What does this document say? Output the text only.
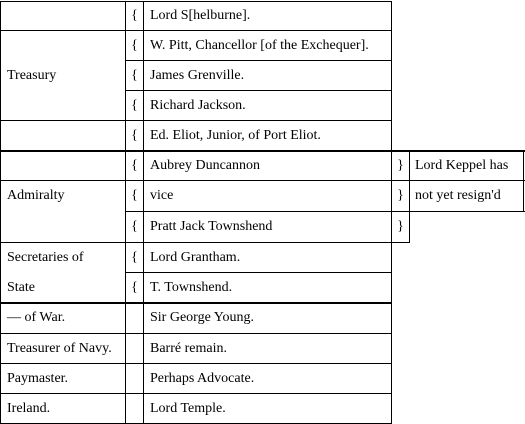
{ Lord S[helburne].
{ W. Pitt, Chancellor [of the Exchequer].
Treasury	{ James Grenville.
{ Richard Jackson.
{ Ed. Eliot, Junior, of Port Eliot.
{ Aubrey Duncannon	} Lord Keppel has
Admiralty	{ vice	} not yet resign'd
{ Pratt Jack Townshend	}
Secretaries of	{ Lord Grantham.
State	{ T. Townshend.
— of War.	Sir George Young.
Treasurer of Navy.	Barré remain.
Paymaster.	Perhaps Advocate.
Ireland.	Lord Temple.
